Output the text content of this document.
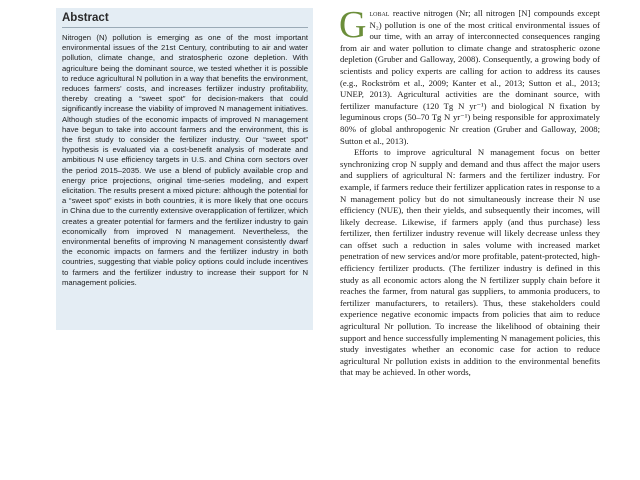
Abstract

Nitrogen (N) pollution is emerging as one of the most important environmental issues of the 21st Century, contributing to air and water pollution, climate change, and stratospheric ozone depletion. With agriculture being the dominant source, we tested whether it is possible to reduce agricultural N pollution in a way that benefits the environment, reduces farmers' costs, and increases fertilizer industry profitability, thereby creating a “sweet spot” for decision-makers that could significantly increase the viability of improved N management initiatives. Although studies of the economic impacts of improved N management have begun to take into account farmers and the environment, this is the first study to consider the fertilizer industry. Our “sweet spot” hypothesis is evaluated via a cost-benefit analysis of moderate and ambitious N use efficiency targets in U.S. and China corn sectors over the period 2015–2035. We use a blend of publicly available crop and energy price projections, original time-series modeling, and expert elicitation. The results present a mixed picture: although the potential for a “sweet spot” exists in both countries, it is more likely that one occurs in China due to the currently extensive overapplication of fertilizer, which creates a greater potential for farmers and the fertilizer industry to gain economically from improved N management. Nevertheless, the environmental benefits of improving N management consistently dwarf the economic impacts on farmers and the fertilizer industry in both countries, suggesting that viable policy options could include incentives to farmers and the fertilizer industry to increase their support for N management policies.

Global reactive nitrogen (Nr; all nitrogen [N] compounds except N₂) pollution is one of the most critical environmental issues of our time, with an array of interconnected consequences ranging from air and water pollution to climate change and stratospheric ozone depletion (Gruber and Galloway, 2008). Consequently, a growing body of scientists and policy experts are calling for action to address its causes (e.g., Rockström et al., 2009; Kanter et al., 2013; Sutton et al., 2013; UNEP, 2013). Agricultural activities are the dominant source, with fertilizer manufacture (120 Tg N yr⁻¹) and biological N fixation by leguminous crops (50–70 Tg N yr⁻¹) being responsible for approximately 80% of global anthropogenic Nr creation (Gruber and Galloway, 2008; Sutton et al., 2013).

Efforts to improve agricultural N management focus on better synchronizing crop N supply and demand and thus affect the major users and suppliers of agricultural N: farmers and the fertilizer industry. For example, if farmers reduce their fertilizer application rates in response to a N management policy but do not simultaneously increase their N use efficiency (NUE), then their yields, and subsequently their incomes, will likely decrease. Likewise, if farmers apply (and thus purchase) less fertilizer, then fertilizer industry revenue will likely decrease unless they can offset such a reduction in sales volume with increased market penetration of new services and/or more profitable, patent-protected, high-efficiency fertilizer products. (The fertilizer industry is defined in this study as all economic actors along the N fertilizer supply chain before it reaches the farmer, from natural gas suppliers, to ammonia producers, to fertilizer manufacturers, to retailers). Thus, these stakeholders could experience negative economic impacts from policies that aim to reduce agricultural Nr pollution. To increase the likelihood of obtaining their support and hence successfully implementing N management policies, this study investigates whether an economic case for action to reduce agricultural Nr pollution exists in addition to the environmental benefits that may be achieved. In other words,
